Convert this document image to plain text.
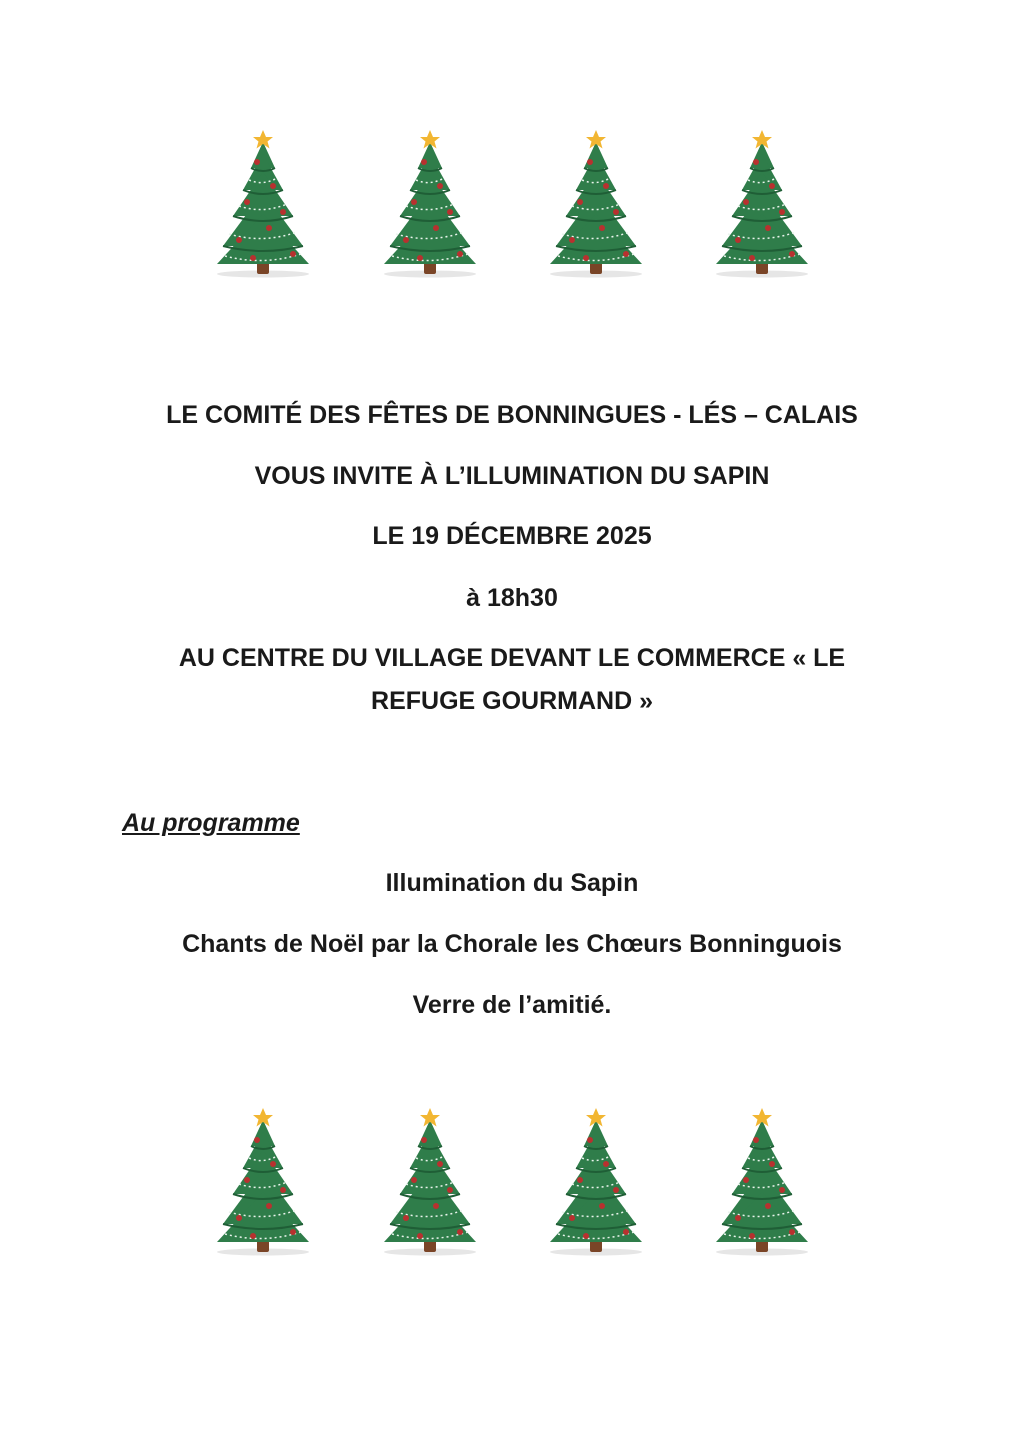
LE COMITÉ DES FÊTES DE BONNINGUES - LÉS – CALAIS
VOUS INVITE À L’ILLUMINATION DU SAPIN
LE 19 DÉCEMBRE 2025
à 18h30
AU CENTRE DU VILLAGE DEVANT LE COMMERCE « LE
REFUGE GOURMAND »
Au programme
Illumination du Sapin
Chants de Noël par la Chorale les Chœurs Bonninguois
Verre de l’amitié.
